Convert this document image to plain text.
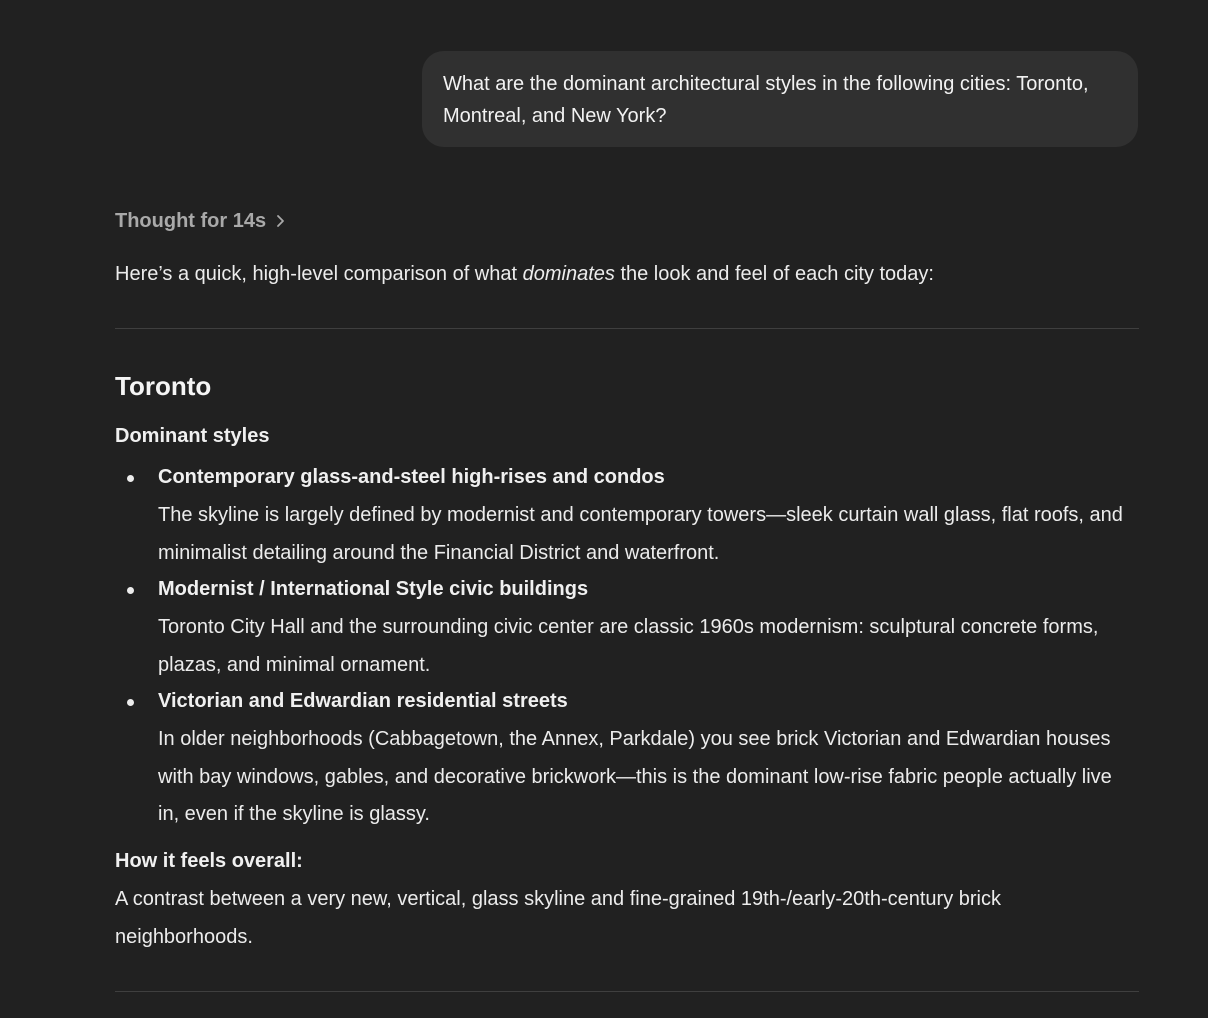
What are the dominant architectural styles in the following cities: Toronto, Montreal, and New York?
Thought for 14s
Here’s a quick, high-level comparison of what dominates the look and feel of each city today:
Toronto
Dominant styles
Contemporary glass-and-steel high-rises and condos
The skyline is largely defined by modernist and contemporary towers—sleek curtain wall glass, flat roofs, and minimalist detailing around the Financial District and waterfront.
Modernist / International Style civic buildings
Toronto City Hall and the surrounding civic center are classic 1960s modernism: sculptural concrete forms, plazas, and minimal ornament.
Victorian and Edwardian residential streets
In older neighborhoods (Cabbagetown, the Annex, Parkdale) you see brick Victorian and Edwardian houses with bay windows, gables, and decorative brickwork—this is the dominant low-rise fabric people actually live in, even if the skyline is glassy.
How it feels overall:
A contrast between a very new, vertical, glass skyline and fine-grained 19th-/early-20th-century brick neighborhoods.
